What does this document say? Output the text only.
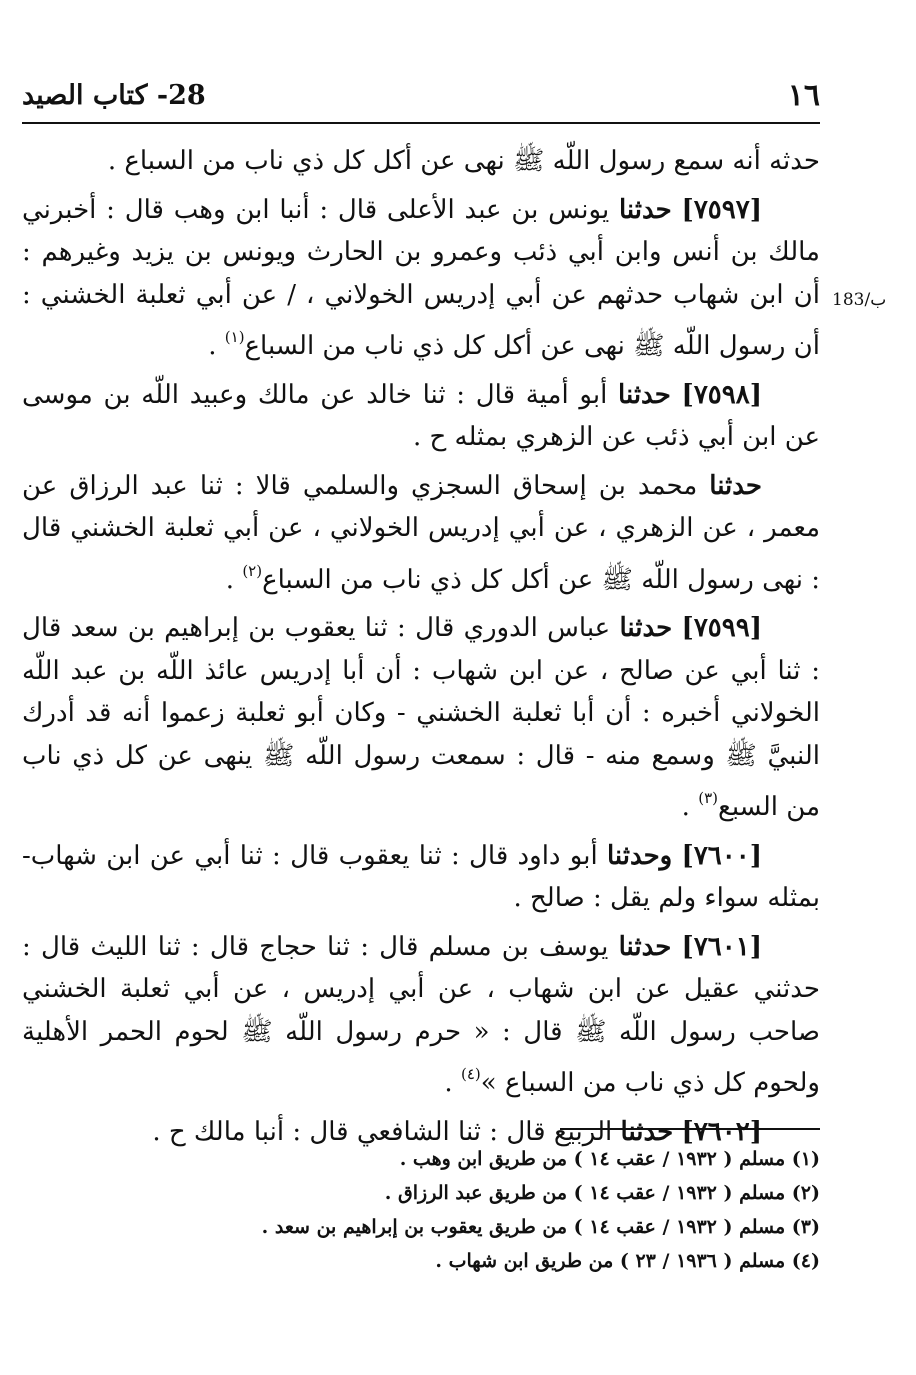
١٦
28- كتاب الصيد
183/ب

حدثه أنه سمع رسول اللّه ﷺ نهى عن أكل كل ذي ناب من السباع .

[٧٥٩٧] حدثنا يونس بن عبد الأعلى قال : أنبا ابن وهب قال : أخبرني مالك بن أنس وابن أبي ذئب وعمرو بن الحارث ويونس بن يزيد وغيرهم : أن ابن شهاب حدثهم عن أبي إدريس الخولاني ، / عن أبي ثعلبة الخشني : أن رسول اللّه ﷺ نهى عن أكل كل ذي ناب من السباع$^{(١)}$ .

[٧٥٩٨] حدثنا أبو أمية قال : ثنا خالد عن مالك وعبيد اللّه بن موسى عن ابن أبي ذئب عن الزهري بمثله ح .

حدثنا محمد بن إسحاق السجزي والسلمي قالا : ثنا عبد الرزاق عن معمر ، عن الزهري ، عن أبي إدريس الخولاني ، عن أبي ثعلبة الخشني قال : نهى رسول اللّه ﷺ عن أكل كل ذي ناب من السباع$^{(٢)}$ .

[٧٥٩٩] حدثنا عباس الدوري قال : ثنا يعقوب بن إبراهيم بن سعد قال : ثنا أبي عن صالح ، عن ابن شهاب : أن أبا إدريس عائذ اللّه بن عبد اللّه الخولاني أخبره : أن أبا ثعلبة الخشني - وكان أبو ثعلبة زعموا أنه قد أدرك النبيَّ ﷺ وسمع منه - قال : سمعت رسول اللّه ﷺ ينهى عن كل ذي ناب من السبع$^{(٣)}$ .

[٧٦٠٠] وحدثنا أبو داود قال : ثنا يعقوب قال : ثنا أبي عن ابن شهاب- بمثله سواء ولم يقل : صالح .

[٧٦٠١] حدثنا يوسف بن مسلم قال : ثنا حجاج قال : ثنا الليث قال : حدثني عقيل عن ابن شهاب ، عن أبي إدريس ، عن أبي ثعلبة الخشني صاحب رسول اللّه ﷺ قال : « حرم رسول اللّه ﷺ لحوم الحمر الأهلية ولحوم كل ذي ناب من السباع »$^{(٤)}$ .

[٧٦٠٢] حدثنا الربيع قال : ثنا الشافعي قال : أنبا مالك ح .

(١) مسلم ( ١٩٣٢ / عقب ١٤ ) من طريق ابن وهب .

(٢) مسلم ( ١٩٣٢ / عقب ١٤ ) من طريق عبد الرزاق .

(٣) مسلم ( ١٩٣٢ / عقب ١٤ ) من طريق يعقوب بن إبراهيم بن سعد .

(٤) مسلم ( ١٩٣٦ / ٢٣ ) من طريق ابن شهاب .
